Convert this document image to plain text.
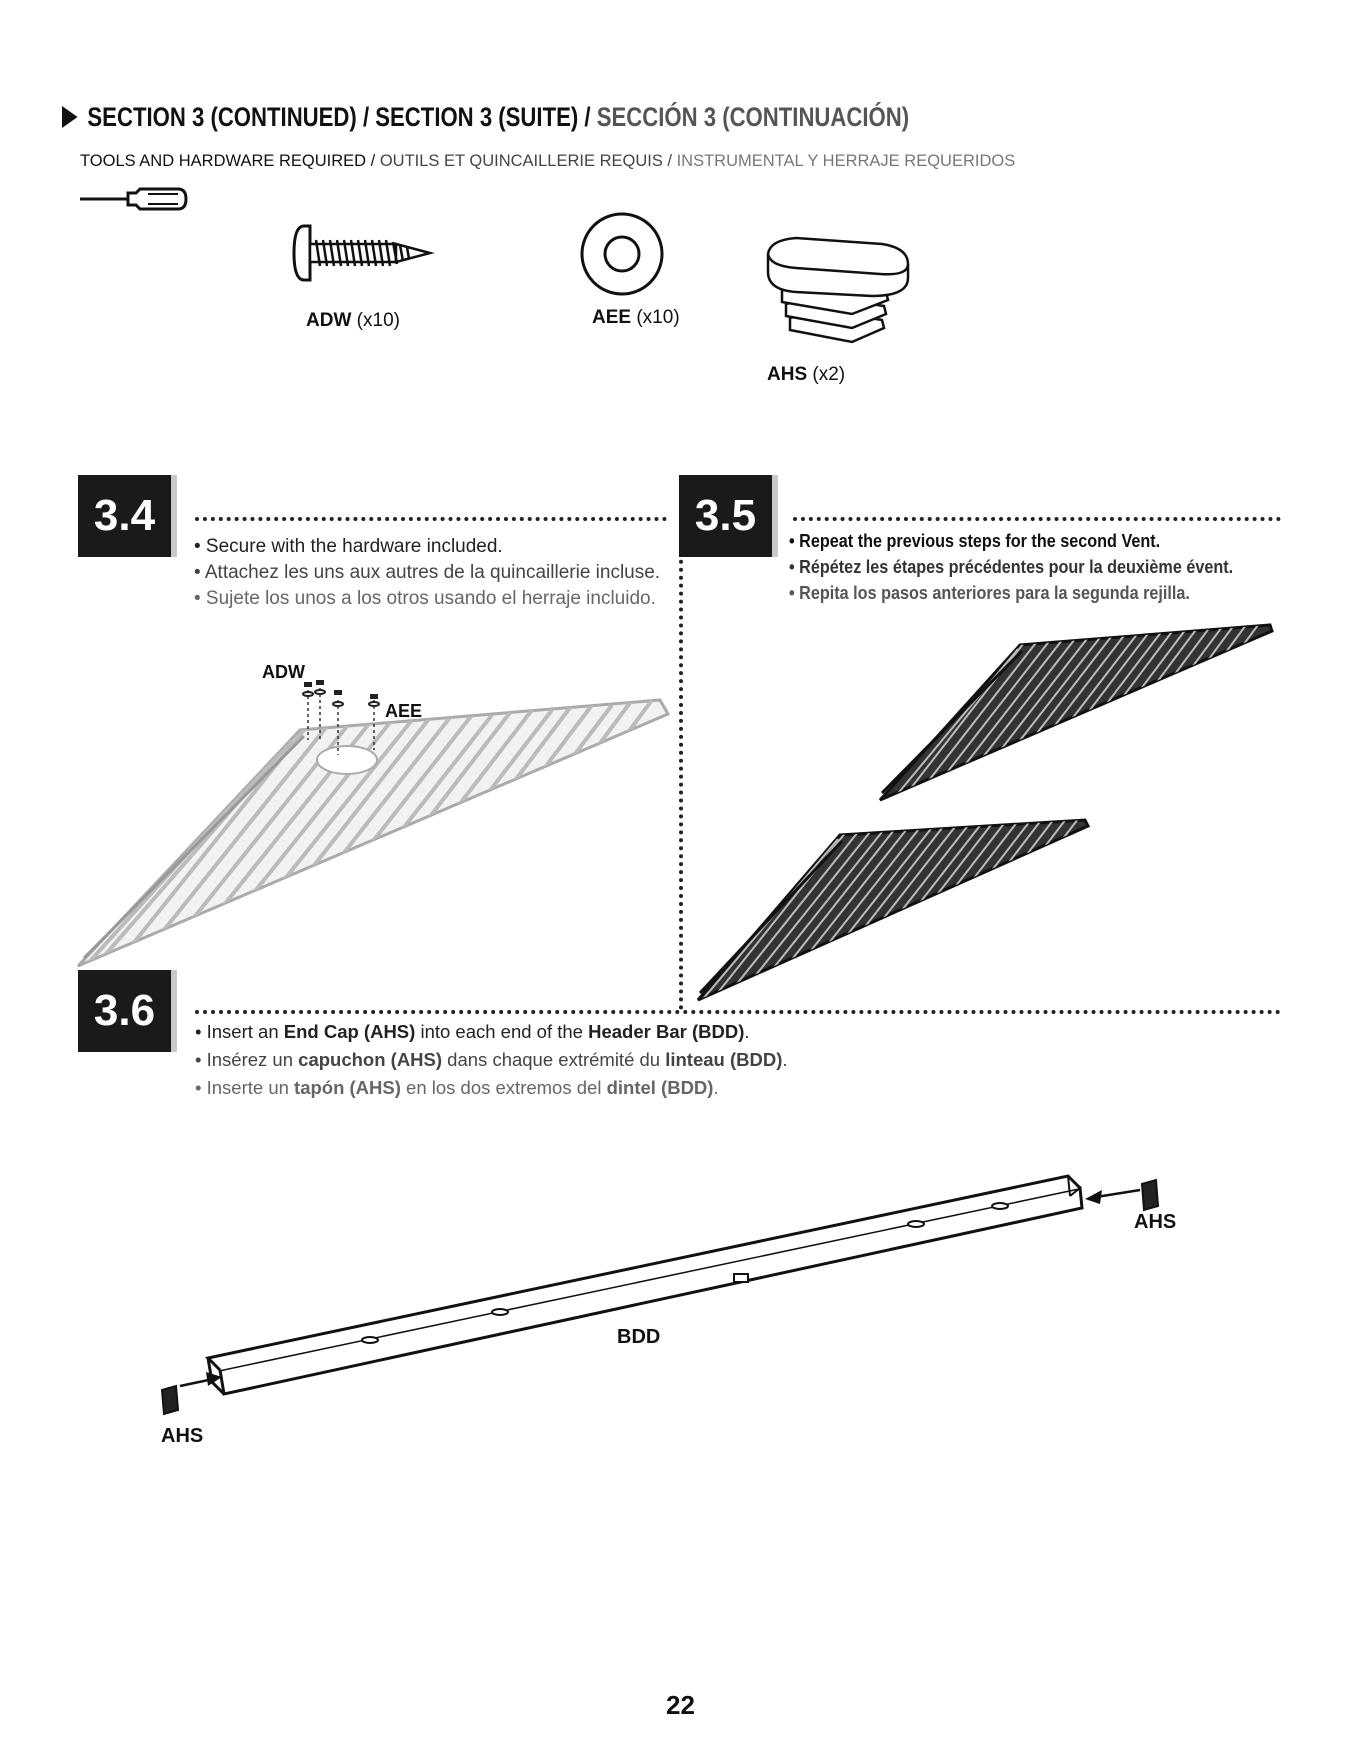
SECTION 3 (CONTINUED) / SECTION 3 (SUITE) / SECCIÓN 3 (CONTINUACIÓN)
TOOLS AND HARDWARE REQUIRED / OUTILS ET QUINCAILLERIE REQUIS / INSTRUMENTAL Y HERRAJE REQUERIDOS
ADW (x10)	AEE (x10)
AHS (x2)
3.4
• Secure with the hardware included.
• Attachez les uns aux autres de la quincaillerie incluse.
• Sujete los unos a los otros usando el herraje incluido.
ADW
AEE
3.5
• Repeat the previous steps for the second Vent.
• Répétez les étapes précédentes pour la deuxième évent.
• Repita los pasos anteriores para la segunda rejilla.
3.6	• Insert an End Cap (AHS) into each end of the Header Bar (BDD).
• Insérez un capuchon (AHS) dans chaque extrémité du linteau (BDD).
• Inserte un tapón (AHS) en los dos extremos del dintel (BDD).
BDD
AHS
AHS
22
